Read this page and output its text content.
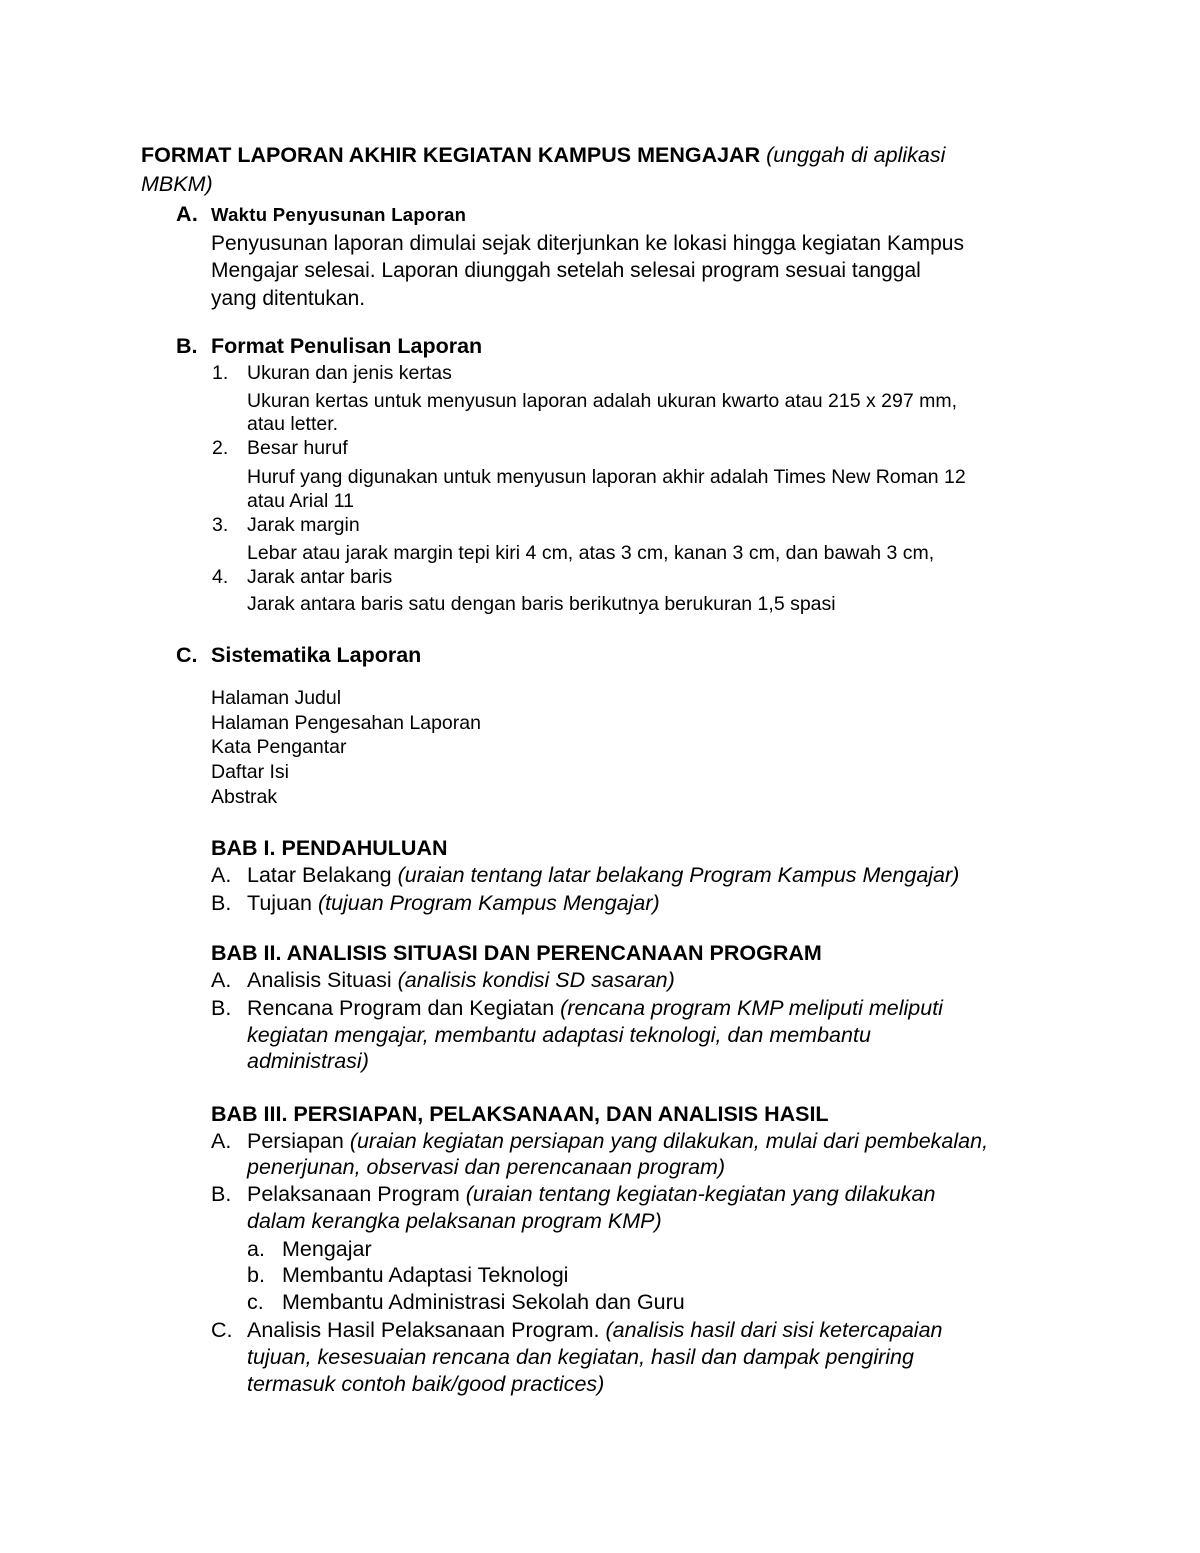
FORMAT LAPORAN AKHIR KEGIATAN KAMPUS MENGAJAR (unggah di aplikasi
MBKM)
A. Waktu Penyusunan Laporan
Penyusunan laporan dimulai sejak diterjunkan ke lokasi hingga kegiatan Kampus
Mengajar selesai. Laporan diunggah setelah selesai program sesuai tanggal
yang ditentukan.
B. Format Penulisan Laporan
1. Ukuran dan jenis kertas
Ukuran kertas untuk menyusun laporan adalah ukuran kwarto atau 215 x 297 mm,
atau letter.
2. Besar huruf
Huruf yang digunakan untuk menyusun laporan akhir adalah Times New Roman 12
atau Arial 11
3. Jarak margin
Lebar atau jarak margin tepi kiri 4 cm, atas 3 cm, kanan 3 cm, dan bawah 3 cm,
4. Jarak antar baris
Jarak antara baris satu dengan baris berikutnya berukuran 1,5 spasi
C. Sistematika Laporan
Halaman Judul
Halaman Pengesahan Laporan
Kata Pengantar
Daftar Isi
Abstrak
BAB I. PENDAHULUAN
A. Latar Belakang (uraian tentang latar belakang Program Kampus Mengajar)
B. Tujuan (tujuan Program Kampus Mengajar)
BAB II. ANALISIS SITUASI DAN PERENCANAAN PROGRAM
A. Analisis Situasi (analisis kondisi SD sasaran)
B. Rencana Program dan Kegiatan (rencana program KMP meliputi meliputi
kegiatan mengajar, membantu adaptasi teknologi, dan membantu
administrasi)
BAB III. PERSIAPAN, PELAKSANAAN, DAN ANALISIS HASIL
A. Persiapan (uraian kegiatan persiapan yang dilakukan, mulai dari pembekalan,
penerjunan, observasi dan perencanaan program)
B. Pelaksanaan Program (uraian tentang kegiatan-kegiatan yang dilakukan
dalam kerangka pelaksanan program KMP)
a. Mengajar
b. Membantu Adaptasi Teknologi
c. Membantu Administrasi Sekolah dan Guru
C. Analisis Hasil Pelaksanaan Program. (analisis hasil dari sisi ketercapaian
tujuan, kesesuaian rencana dan kegiatan, hasil dan dampak pengiring
termasuk contoh baik/good practices)
